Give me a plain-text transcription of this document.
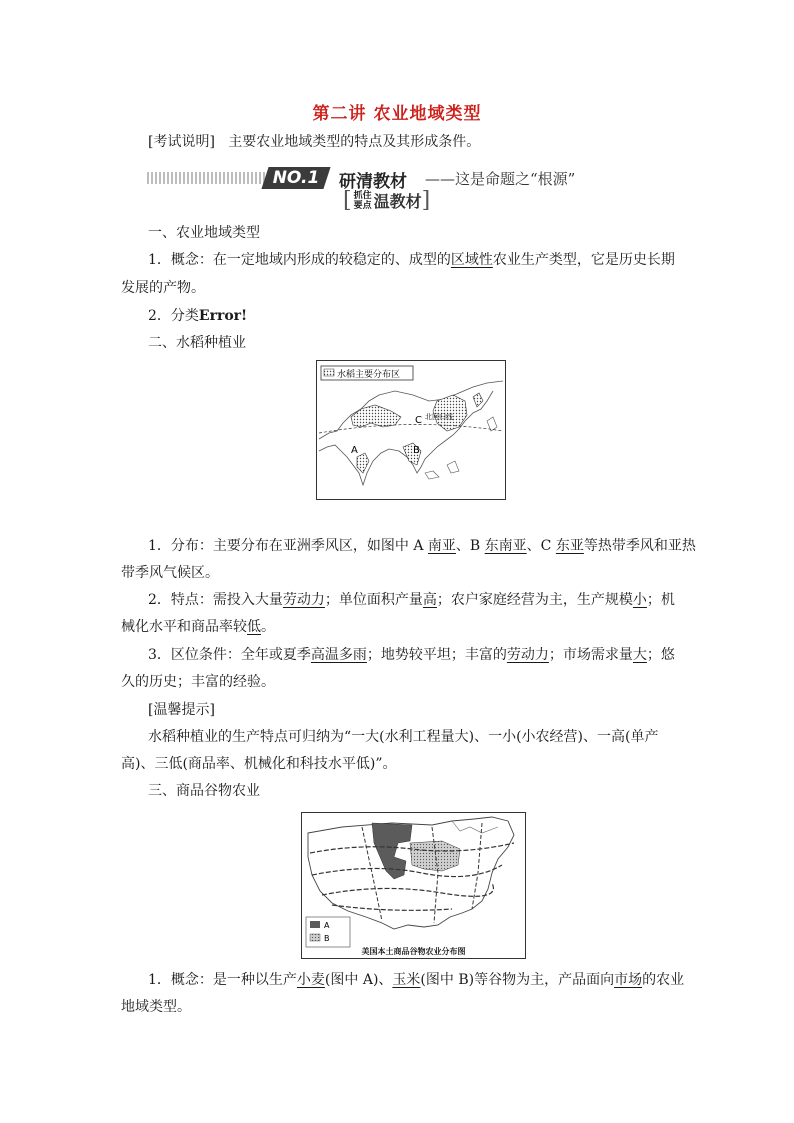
第二讲 农业地域类型
[考试说明] 主要农业地域类型的特点及其形成条件。
NO.1	研清教材 ——这是命题之“根源”
[ 抓住
要点 温教材]
一、农业地域类型
1．概念：在一定地域内形成的较稳定的、成型的区域性农业生产类型，它是历史长期
发展的产物。
2．分类Error!
二、水稻种植业
水稻主要分布区
北回归线
A	B
C
1．分布：主要分布在亚洲季风区，如图中 A 南亚、B 东南亚、C 东亚等热带季风和亚热
带季风气候区。
2．特点：需投入大量劳动力；单位面积产量高；农户家庭经营为主，生产规模小；机
械化水平和商品率较低。
3．区位条件：全年或夏季高温多雨；地势较平坦；丰富的劳动力；市场需求量大；悠
久的历史；丰富的经验。
[温馨提示]
水稻种植业的生产特点可归纳为“一大(水利工程量大)、一小(小农经营)、一高(单产
高)、三低(商品率、机械化和科技水平低)”。
三、商品谷物农业
A
B
美国本土商品谷物农业分布图
1．概念：是一种以生产小麦(图中 A)、玉米(图中 B)等谷物为主，产品面向市场的农业
地域类型。
